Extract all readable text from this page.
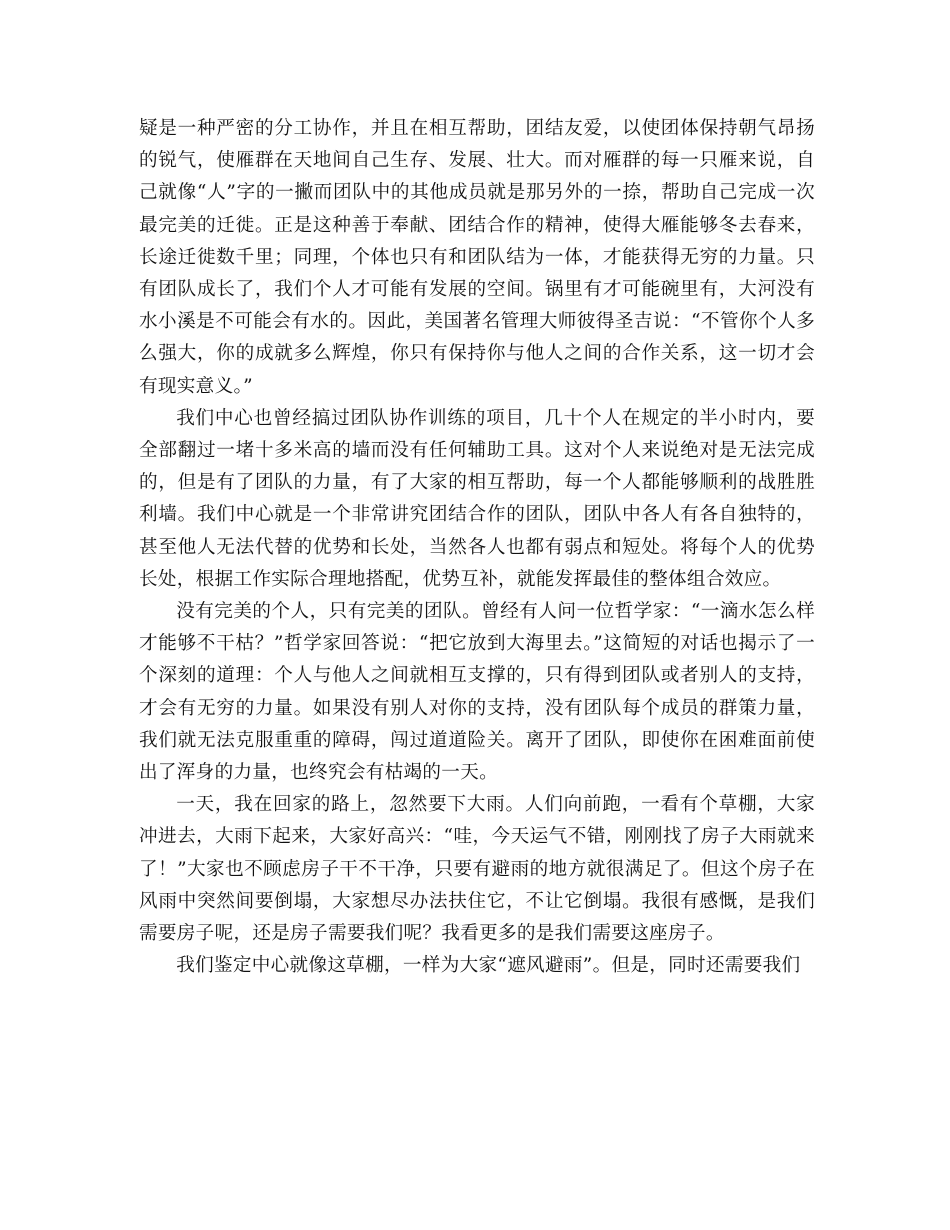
疑是一种严密的分工协作，并且在相互帮助，团结友爱，以使团体保持朝气昂扬的锐气，使雁群在天地间自己生存、发展、壮大。而对雁群的每一只雁来说，自己就像“人”字的一撇而团队中的其他成员就是那另外的一捺，帮助自己完成一次最完美的迁徙。正是这种善于奉献、团结合作的精神，使得大雁能够冬去春来，长途迁徙数千里；同理，个体也只有和团队结为一体，才能获得无穷的力量。只有团队成长了，我们个人才可能有发展的空间。锅里有才可能碗里有，大河没有水小溪是不可能会有水的。因此，美国著名管理大师彼得圣吉说：“不管你个人多么强大，你的成就多么辉煌，你只有保持你与他人之间的合作关系，这一切才会有现实意义。”

我们中心也曾经搞过团队协作训练的项目，几十个人在规定的半小时内，要全部翻过一堵十多米高的墙而没有任何辅助工具。这对个人来说绝对是无法完成的，但是有了团队的力量，有了大家的相互帮助，每一个人都能够顺利的战胜胜利墙。我们中心就是一个非常讲究团结合作的团队，团队中各人有各自独特的，甚至他人无法代替的优势和长处，当然各人也都有弱点和短处。将每个人的优势长处，根据工作实际合理地搭配，优势互补，就能发挥最佳的整体组合效应。

没有完美的个人，只有完美的团队。曾经有人问一位哲学家：“一滴水怎么样才能够不干枯？”哲学家回答说：“把它放到大海里去。”这简短的对话也揭示了一个深刻的道理：个人与他人之间就相互支撑的，只有得到团队或者别人的支持，才会有无穷的力量。如果没有别人对你的支持，没有团队每个成员的群策力量，我们就无法克服重重的障碍，闯过道道险关。离开了团队，即使你在困难面前使出了浑身的力量，也终究会有枯竭的一天。

一天，我在回家的路上，忽然要下大雨。人们向前跑，一看有个草棚，大家冲进去，大雨下起来，大家好高兴：“哇，今天运气不错，刚刚找了房子大雨就来了！”大家也不顾虑房子干不干净，只要有避雨的地方就很满足了。但这个房子在风雨中突然间要倒塌，大家想尽办法扶住它，不让它倒塌。我很有感慨，是我们需要房子呢，还是房子需要我们呢？我看更多的是我们需要这座房子。

我们鉴定中心就像这草棚，一样为大家“遮风避雨”。但是，同时还需要我们
